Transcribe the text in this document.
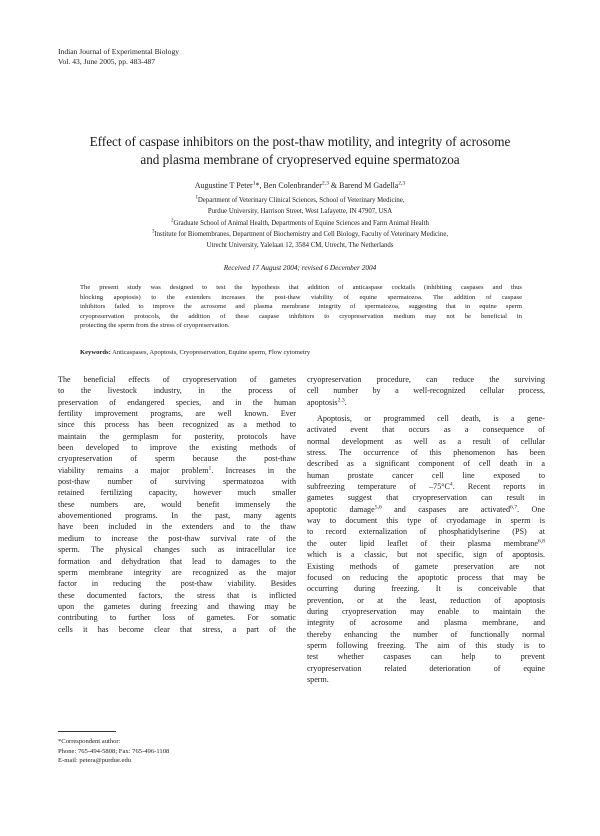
Indian Journal of Experimental Biology
Vol. 43, June 2005, pp. 483-487
Effect of caspase inhibitors on the post-thaw motility, and integrity of acrosome
and plasma membrane of cryopreserved equine spermatozoa
Augustine T Peter$^1$*, Ben Colenbrander$^{2,3}$ & Barend M Gadella$^{2,3}$
$^1$Department of Veterinary Clinical Sciences, School of Veterinary Medicine,
Purdue University, Harrison Street, West Lafayette, IN 47907, USA
$^2$Graduate School of Animal Health, Departments of Equine Sciences and Farm Animal Health
$^3$Institute for Biomembranes, Department of Biochemistry and Cell Biology, Faculty of Veterinary Medicine,
Utrecht University, Yalelaan 12, 3584 CM, Utrecht, The Netherlands
Received 17 August 2004; revised 6 December 2004
The present study was designed to test the hypothesis that addition of anticaspase cocktails (inhibiting caspases and thus
blocking apoptosis) to the extenders increases the post-thaw viability of equine spermatozoa. The addition of caspase
inhibitors failed to improve the acrosome and plasma membrane integrity of spermatozoa, suggesting that in equine sperm
cryopreservation protocols, the addition of these caspase inhibitors to cryopreservation medium may not be beneficial in
protecting the sperm from the stress of cryopreservation.
Keywords: Anticaspases, Apoptosis, Cryopreservation, Equine sperm, Flow cytometry
The beneficial effects of cryopreservation of gametes
to the livestock industry, in the process of
preservation of endangered species, and in the human
fertility improvement programs, are well known. Ever
since this process has been recognized as a method to
maintain the germplasm for posterity, protocols have
been developed to improve the existing methods of
cryopreservation of sperm because the post-thaw
viability remains a major problem$^1$. Increases in the
post-thaw number of surviving spermatozoa with
retained fertilizing capacity, however much smaller
these numbers are, would benefit immensely the
abovementioned programs. In the past, many agents
have been included in the extenders and to the thaw
medium to increase the post-thaw survival rate of the
sperm. The physical changes such as intracellular ice
formation and dehydration that lead to damages to the
sperm membrane integrity are recognized as the major
factor in reducing the post-thaw viability. Besides
these documented factors, the stress that is inflicted
upon the gametes during freezing and thawing may be
contributing to further loss of gametes. For somatic
cells it has become clear that stress, a part of the
cryopreservation procedure, can reduce the surviving
cell number by a well-recognized cellular process,
apoptosis$^{2,3}$.
Apoptosis, or programmed cell death, is a gene-
activated event that occurs as a consequence of
normal development as well as a result of cellular
stress. The occurrence of this phenomenon has been
described as a significant component of cell death in a
human prostate cancer cell line exposed to
subfreezing temperature of $-75^\circ C^4$. Recent reports in
gametes suggest that cryopreservation can result in
apoptotic damage$^{5,6}$ and caspases are activated$^{6,7}$. One
way to document this type of cryodamage in sperm is
to record externalization of phosphatidylserine (PS) at
the outer lipid leaflet of their plasma membrane$^{6,8}$
which is a classic, but not specific, sign of apoptosis.
Existing methods of gamete preservation are not
focused on reducing the apoptotic process that may be
occurring during freezing. It is conceivable that
prevention, or at the least, reduction of apoptosis
during cryopreservation may enable to maintain the
integrity of acrosome and plasma membrane, and
thereby enhancing the number of functionally normal
sperm following freezing. The aim of this study is to
test whether caspases can help to prevent
cryopreservation related deterioration of equine
sperm.
*Correspondent author:
Phone: 765-494-5808; Fax: 765-496-1108
E-mail: petera@purdue.edu
